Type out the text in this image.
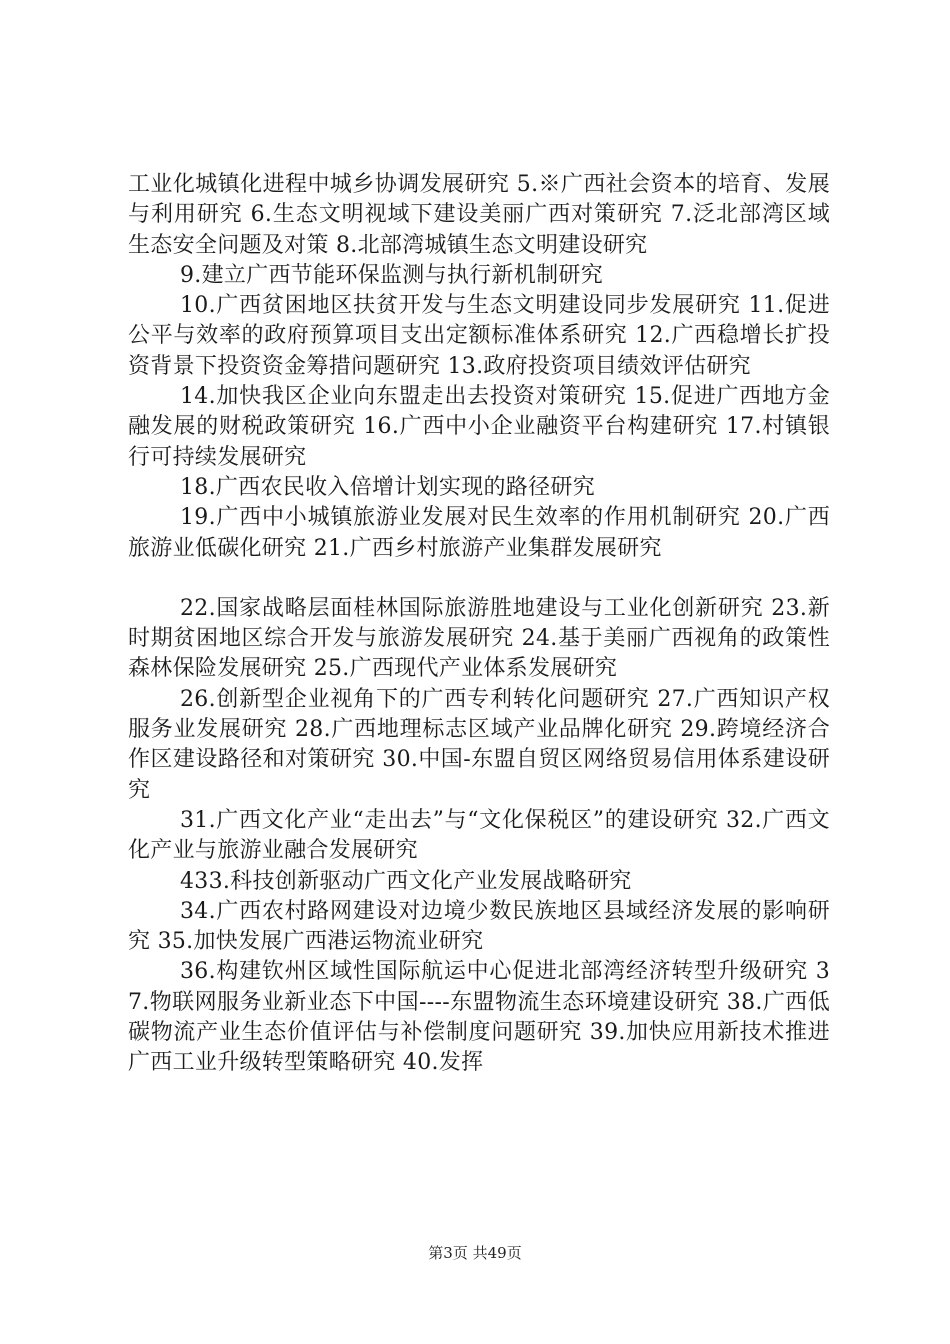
工业化城镇化进程中城乡协调发展研究 5.※广西社会资本的培育、发展与利用研究 6.生态文明视域下建设美丽广西对策研究 7.泛北部湾区域生态安全问题及对策 8.北部湾城镇生态文明建设研究

9.建立广西节能环保监测与执行新机制研究

10.广西贫困地区扶贫开发与生态文明建设同步发展研究 11.促进公平与效率的政府预算项目支出定额标准体系研究 12.广西稳增长扩投资背景下投资资金筹措问题研究 13.政府投资项目绩效评估研究

14.加快我区企业向东盟走出去投资对策研究 15.促进广西地方金融发展的财税政策研究 16.广西中小企业融资平台构建研究 17.村镇银行可持续发展研究

18.广西农民收入倍增计划实现的路径研究

19.广西中小城镇旅游业发展对民生效率的作用机制研究 20.广西旅游业低碳化研究 21.广西乡村旅游产业集群发展研究

22.国家战略层面桂林国际旅游胜地建设与工业化创新研究 23.新时期贫困地区综合开发与旅游发展研究 24.基于美丽广西视角的政策性森林保险发展研究 25.广西现代产业体系发展研究

26.创新型企业视角下的广西专利转化问题研究 27.广西知识产权服务业发展研究 28.广西地理标志区域产业品牌化研究 29.跨境经济合作区建设路径和对策研究 30.中国-东盟自贸区网络贸易信用体系建设研究

31.广西文化产业“走出去”与“文化保税区”的建设研究 32.广西文化产业与旅游业融合发展研究

433.科技创新驱动广西文化产业发展战略研究

34.广西农村路网建设对边境少数民族地区县域经济发展的影响研究 35.加快发展广西港运物流业研究

36.构建钦州区域性国际航运中心促进北部湾经济转型升级研究 37.物联网服务业新业态下中国----东盟物流生态环境建设研究 38.广西低碳物流产业生态价值评估与补偿制度问题研究 39.加快应用新技术推进广西工业升级转型策略研究 40.发挥

第3页 共49页
